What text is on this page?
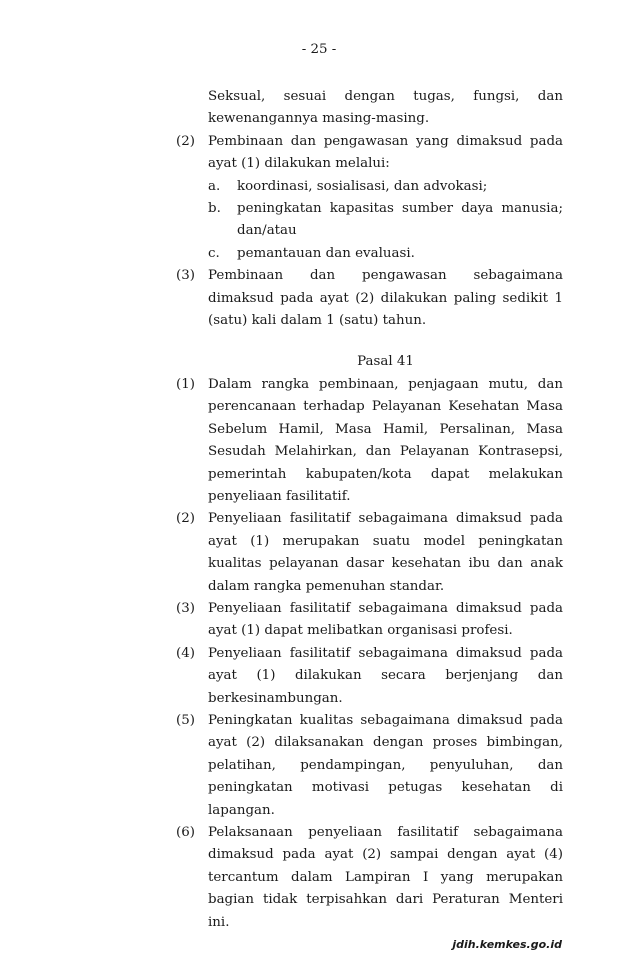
- 25 -
Seksual, sesuai dengan tugas, fungsi, dan kewenangannya masing-masing.
(2) Pembinaan dan pengawasan yang dimaksud pada ayat (1) dilakukan melalui:
a. koordinasi, sosialisasi, dan advokasi;
b. peningkatan kapasitas sumber daya manusia; dan/atau
c. pemantauan dan evaluasi.
(3) Pembinaan dan pengawasan sebagaimana dimaksud pada ayat (2) dilakukan paling sedikit 1 (satu) kali dalam 1 (satu) tahun.
Pasal 41
(1) Dalam rangka pembinaan, penjagaan mutu, dan perencanaan terhadap Pelayanan Kesehatan Masa Sebelum Hamil, Masa Hamil, Persalinan, Masa Sesudah Melahirkan, dan Pelayanan Kontrasepsi, pemerintah kabupaten/kota dapat melakukan penyeliaan fasilitatif.
(2) Penyeliaan fasilitatif sebagaimana dimaksud pada ayat (1) merupakan suatu model peningkatan kualitas pelayanan dasar kesehatan ibu dan anak dalam rangka pemenuhan standar.
(3) Penyeliaan fasilitatif sebagaimana dimaksud pada ayat (1) dapat melibatkan organisasi profesi.
(4) Penyeliaan fasilitatif sebagaimana dimaksud pada ayat (1) dilakukan secara berjenjang dan berkesinambungan.
(5) Peningkatan kualitas sebagaimana dimaksud pada ayat (2) dilaksanakan dengan proses bimbingan, pelatihan, pendampingan, penyuluhan, dan peningkatan motivasi petugas kesehatan di lapangan.
(6) Pelaksanaan penyeliaan fasilitatif sebagaimana dimaksud pada ayat (2) sampai dengan ayat (4) tercantum dalam Lampiran I yang merupakan bagian tidak terpisahkan dari Peraturan Menteri ini.
jdih.kemkes.go.id
